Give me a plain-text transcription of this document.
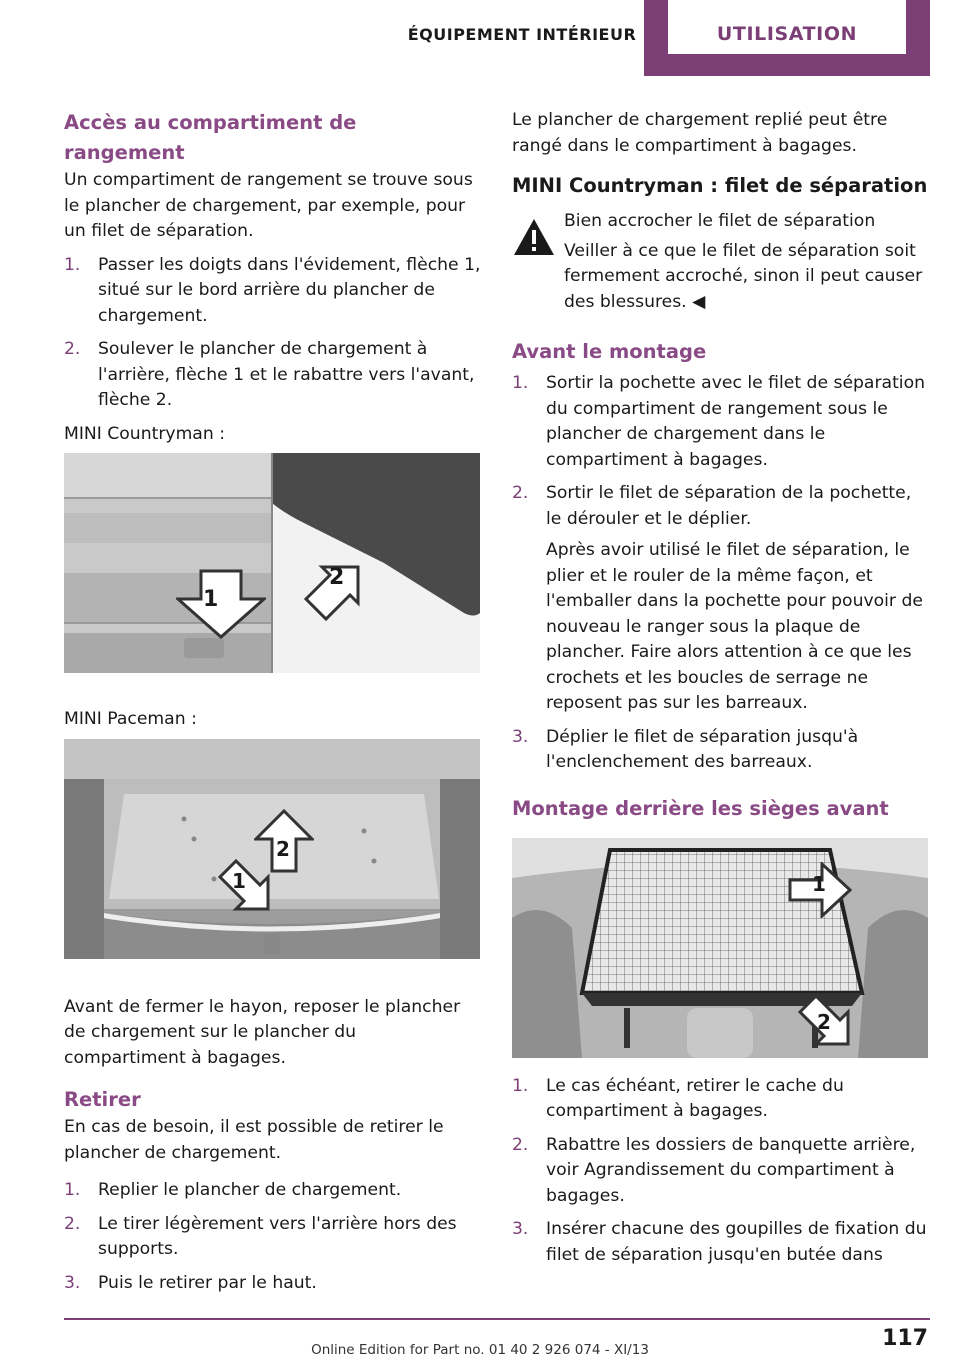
ÉQUIPEMENT INTÉRIEUR	UTILISATION
Accès au compartiment de rangement

Un compartiment de rangement se trouve sous le plancher de chargement, par exemple, pour un filet de séparation.

1. Passer les doigts dans l'évidement, flèche 1, situé sur le bord arrière du plancher de chargement.
2. Soulever le plancher de chargement à l'arrière, flèche 1 et le rabattre vers l'avant, flèche 2.

MINI Countryman :

1
2

MINI Paceman :

2
1

Avant de fermer le hayon, reposer le plancher de chargement sur le plancher du compartiment à bagages.

Retirer

En cas de besoin, il est possible de retirer le plancher de chargement.

1. Replier le plancher de chargement.
2. Le tirer légèrement vers l'arrière hors des supports.
3. Puis le retirer par le haut.

Le plancher de chargement replié peut être rangé dans le compartiment à bagages.

MINI Countryman : filet de séparation

Bien accrocher le filet de séparation

Veiller à ce que le filet de séparation soit fermement accroché, sinon il peut causer des blessures. ◀

Avant le montage
1. Sortir la pochette avec le filet de séparation du compartiment de rangement sous le plancher de chargement dans le compartiment à bagages.
2. Sortir le filet de séparation de la pochette, le dérouler et le déplier.
Après avoir utilisé le filet de séparation, le plier et le rouler de la même façon, et l'emballer dans la pochette pour pouvoir de nouveau le ranger sous la plaque de plancher. Faire alors attention à ce que les crochets et les boucles de serrage ne reposent pas sur les barreaux.
3. Déplier le filet de séparation jusqu'à l'enclenchement des barreaux.
Montage derrière les sièges avant
1
2
1. Le cas échéant, retirer le cache du compartiment à bagages.
2. Rabattre les dossiers de banquette arrière, voir Agrandissement du compartiment à bagages.
3. Insérer chacune des goupilles de fixation du filet de séparation jusqu'en butée dans
117
Online Edition for Part no. 01 40 2 926 074 - XI/13
